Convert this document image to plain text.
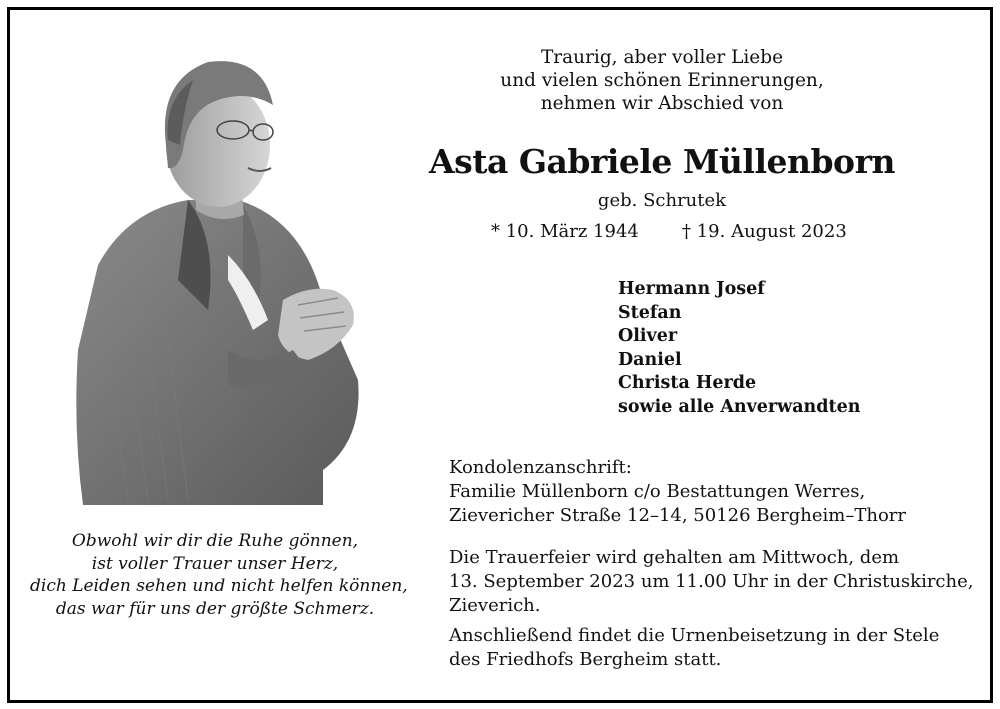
Traurig, aber voller Liebe
und vielen schönen Erinnerungen,
nehmen wir Abschied von
Asta Gabriele Müllenborn
geb. Schrutek
* 10. März 1944 † 19. August 2023
Hermann Josef
Stefan
Oliver
Daniel
Christa Herde
sowie alle Anverwandten
Kondolenzanschrift:
Familie Müllenborn c/o Bestattungen Werres,
Zievericher Straße 12–14, 50126 Bergheim–Thorr
Die Trauerfeier wird gehalten am Mittwoch, dem
13. September 2023 um 11.00 Uhr in der Christuskirche,
Zieverich.
Anschließend findet die Urnenbeisetzung in der Stele
des Friedhofs Bergheim statt.
Obwohl wir dir die Ruhe gönnen,
ist voller Trauer unser Herz,
dich Leiden sehen und nicht helfen können,
das war für uns der größte Schmerz.
